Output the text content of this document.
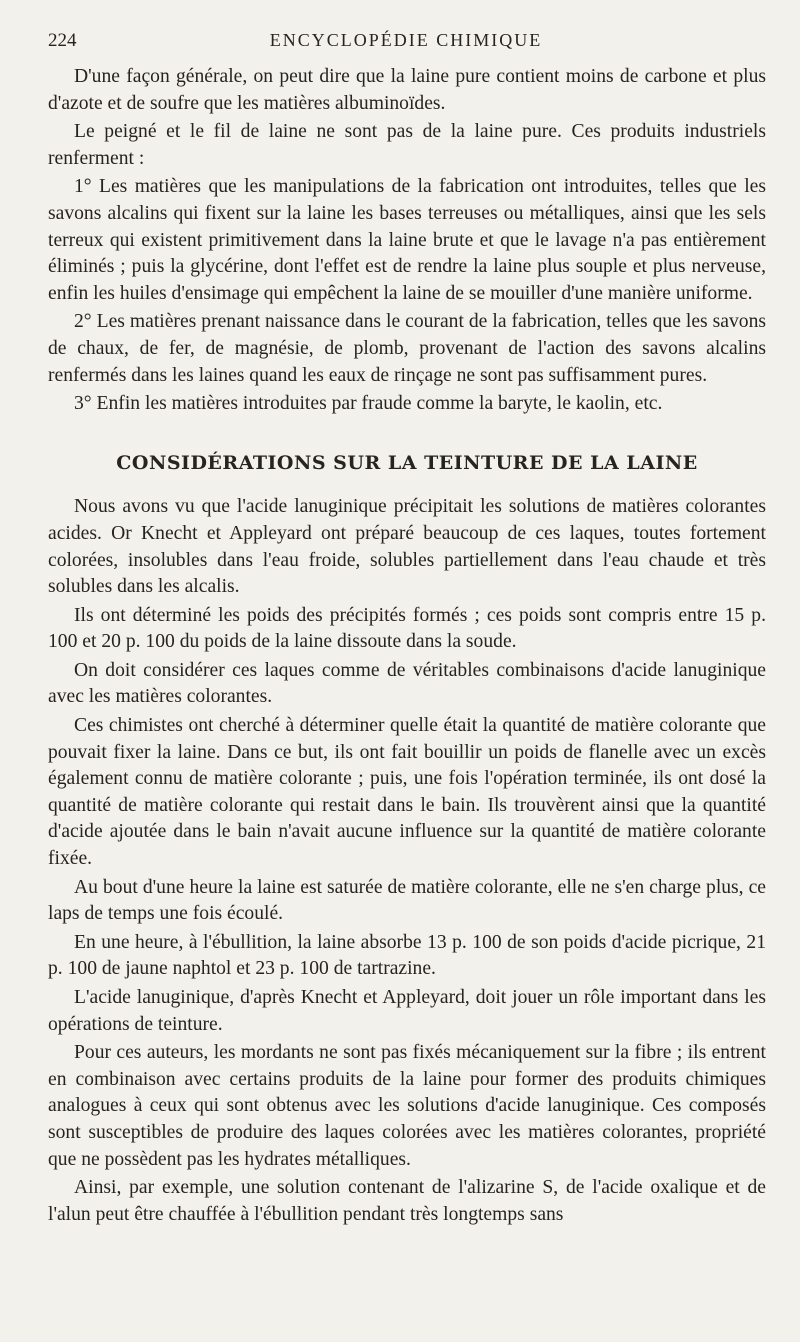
224	ENCYCLOPÉDIE CHIMIQUE

D'une façon générale, on peut dire que la laine pure contient moins de carbone et plus d'azote et de soufre que les matières albuminoïdes.

Le peigné et le fil de laine ne sont pas de la laine pure. Ces produits industriels renferment :

1° Les matières que les manipulations de la fabrication ont introduites, telles que les savons alcalins qui fixent sur la laine les bases terreuses ou métalliques, ainsi que les sels terreux qui existent primitivement dans la laine brute et que le lavage n'a pas entièrement éliminés ; puis la glycérine, dont l'effet est de rendre la laine plus souple et plus nerveuse, enfin les huiles d'ensimage qui empêchent la laine de se mouiller d'une manière uniforme.

2° Les matières prenant naissance dans le courant de la fabrication, telles que les savons de chaux, de fer, de magnésie, de plomb, provenant de l'action des savons alcalins renfermés dans les laines quand les eaux de rinçage ne sont pas suffisamment pures.

3° Enfin les matières introduites par fraude comme la baryte, le kaolin, etc.

CONSIDÉRATIONS SUR LA TEINTURE DE LA LAINE

Nous avons vu que l'acide lanuginique précipitait les solutions de matières colorantes acides. Or Knecht et Appleyard ont préparé beaucoup de ces laques, toutes fortement colorées, insolubles dans l'eau froide, solubles partiellement dans l'eau chaude et très solubles dans les alcalis.

Ils ont déterminé les poids des précipités formés ; ces poids sont compris entre 15 p. 100 et 20 p. 100 du poids de la laine dissoute dans la soude.

On doit considérer ces laques comme de véritables combinaisons d'acide lanuginique avec les matières colorantes.

Ces chimistes ont cherché à déterminer quelle était la quantité de matière colorante que pouvait fixer la laine. Dans ce but, ils ont fait bouillir un poids de flanelle avec un excès également connu de matière colorante ; puis, une fois l'opération terminée, ils ont dosé la quantité de matière colorante qui restait dans le bain. Ils trouvèrent ainsi que la quantité d'acide ajoutée dans le bain n'avait aucune influence sur la quantité de matière colorante fixée.

Au bout d'une heure la laine est saturée de matière colorante, elle ne s'en charge plus, ce laps de temps une fois écoulé.

En une heure, à l'ébullition, la laine absorbe 13 p. 100 de son poids d'acide picrique, 21 p. 100 de jaune naphtol et 23 p. 100 de tartrazine.

L'acide lanuginique, d'après Knecht et Appleyard, doit jouer un rôle important dans les opérations de teinture.

Pour ces auteurs, les mordants ne sont pas fixés mécaniquement sur la fibre ; ils entrent en combinaison avec certains produits de la laine pour former des produits chimiques analogues à ceux qui sont obtenus avec les solutions d'acide lanuginique. Ces composés sont susceptibles de produire des laques colorées avec les matières colorantes, propriété que ne possèdent pas les hydrates métalliques.

Ainsi, par exemple, une solution contenant de l'alizarine S, de l'acide oxalique et de l'alun peut être chauffée à l'ébullition pendant très longtemps sans
